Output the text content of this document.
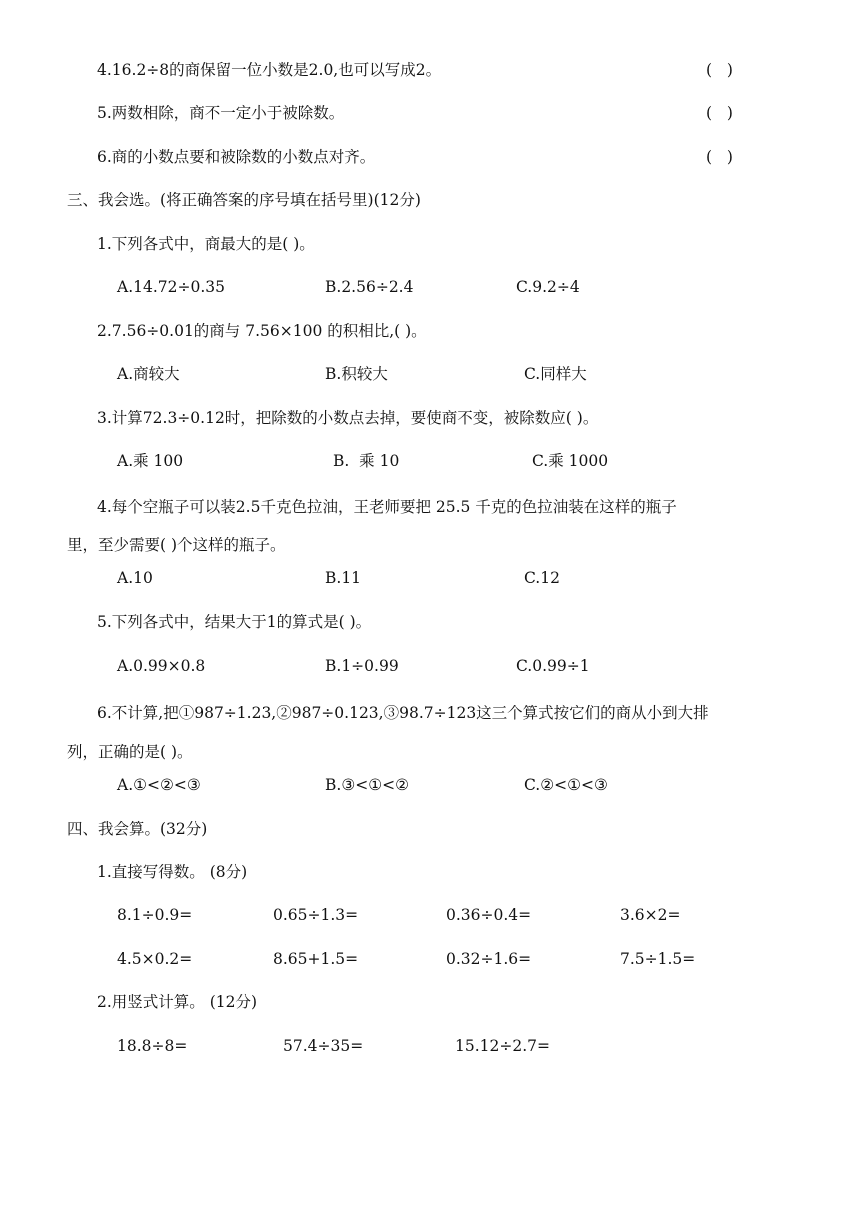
4.16.2÷8的商保留一位小数是2.0,也可以写成2。	(   )
5.两数相除，商不一定小于被除数。	(   )
6.商的小数点要和被除数的小数点对齐。	(   )
三、我会选。(将正确答案的序号填在括号里)(12分)
1.下列各式中，商最大的是( )。
A.14.72÷0.35	B.2.56÷2.4	C.9.2÷4
2.7.56÷0.01的商与 7.56×100 的积相比,( )。
A.商较大	B.积较大	C.同样大
3.计算72.3÷0.12时，把除数的小数点去掉，要使商不变，被除数应( )。
A.乘 100	B.  乘 10	C.乘 1000
4.每个空瓶子可以装2.5千克色拉油，王老师要把 25.5 千克的色拉油装在这样的瓶子
里，至少需要( )个这样的瓶子。
A.10	B.11	C.12
5.下列各式中，结果大于1的算式是( )。
A.0.99×0.8	B.1÷0.99	C.0.99÷1
6.不计算,把①987÷1.23,②987÷0.123,③98.7÷123这三个算式按它们的商从小到大排
列，正确的是( )。
A.①<②<③	B.③<①<②	C.②<①<③
四、我会算。(32分)
1.直接写得数。 (8分)
8.1÷0.9=	0.65÷1.3=	0.36÷0.4=	3.6×2=
4.5×0.2=	8.65+1.5=	0.32÷1.6=	7.5÷1.5=
2.用竖式计算。 (12分)
18.8÷8=	57.4÷35=	15.12÷2.7=
